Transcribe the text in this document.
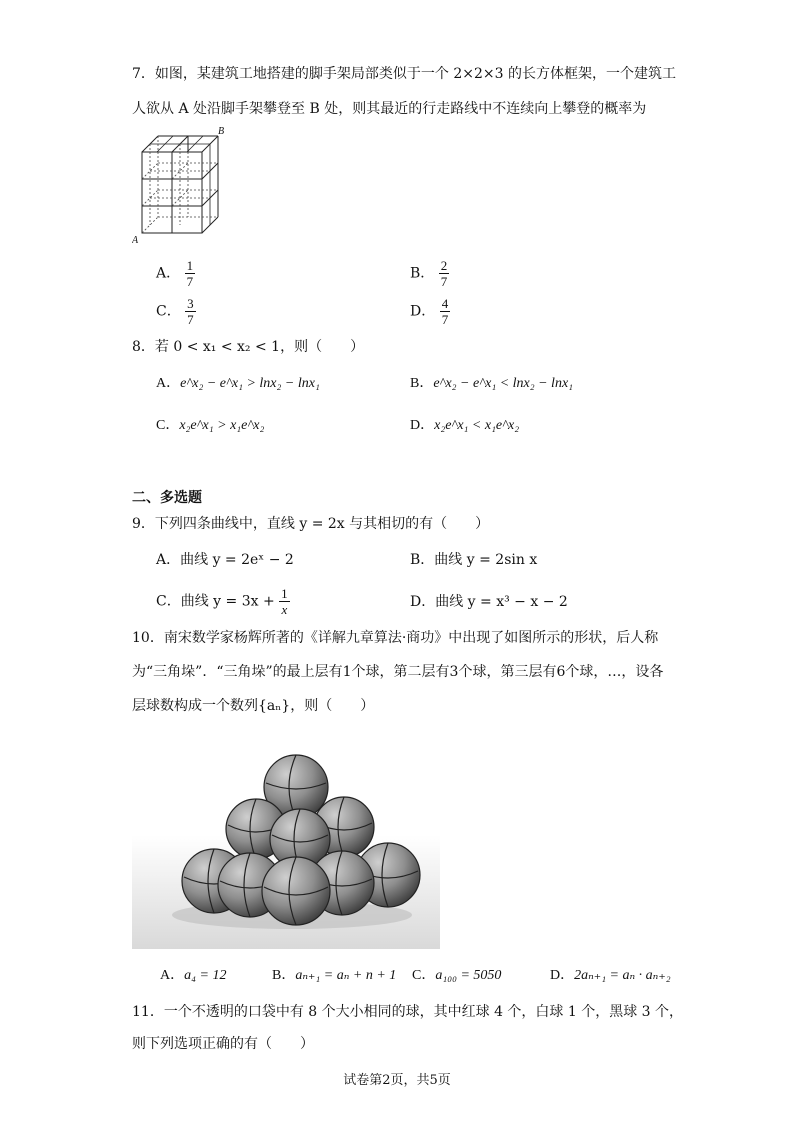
7．如图，某建筑工地搭建的脚手架局部类似于一个 2×2×3 的长方体框架，一个建筑工
人欲从 A 处沿脚手架攀登至 B 处，则其最近的行走路线中不连续向上攀登的概率为
A
B
A． $\frac{1}{7}$	B． $\frac{2}{7}$
C． $\frac{3}{7}$	D． $\frac{4}{7}$
8．若 0 < x₁ < x₂ < 1，则（　　）
A．e^x₂ − e^x₁ > lnx₂ − lnx₁	B．e^x₂ − e^x₁ < lnx₂ − lnx₁
C．x₂e^x₁ > x₁e^x₂	D．x₂e^x₁ < x₁e^x₂
二、多选题
9．下列四条曲线中，直线 y = 2x 与其相切的有（　　）
A．曲线 y = 2eˣ − 2	B．曲线 y = 2sin x
C．曲线 $y = 3x + \frac{1}{x}$	D．曲线 y = x³ − x − 2
10．南宋数学家杨辉所著的《详解九章算法·商功》中出现了如图所示的形状，后人称
为“三角垛”．“三角垛”的最上层有1个球，第二层有3个球，第三层有6个球，…，设各
层球数构成一个数列{aₙ}，则（　　）
A．a₄ = 12	B．aₙ₊₁ = aₙ + n + 1 C．a₁₀₀ = 5050	D．2aₙ₊₁ = aₙ · aₙ₊₂
11．一个不透明的口袋中有 8 个大小相同的球，其中红球 4 个，白球 1 个，黑球 3 个，
则下列选项正确的有（　　）
试卷第2页，共5页
